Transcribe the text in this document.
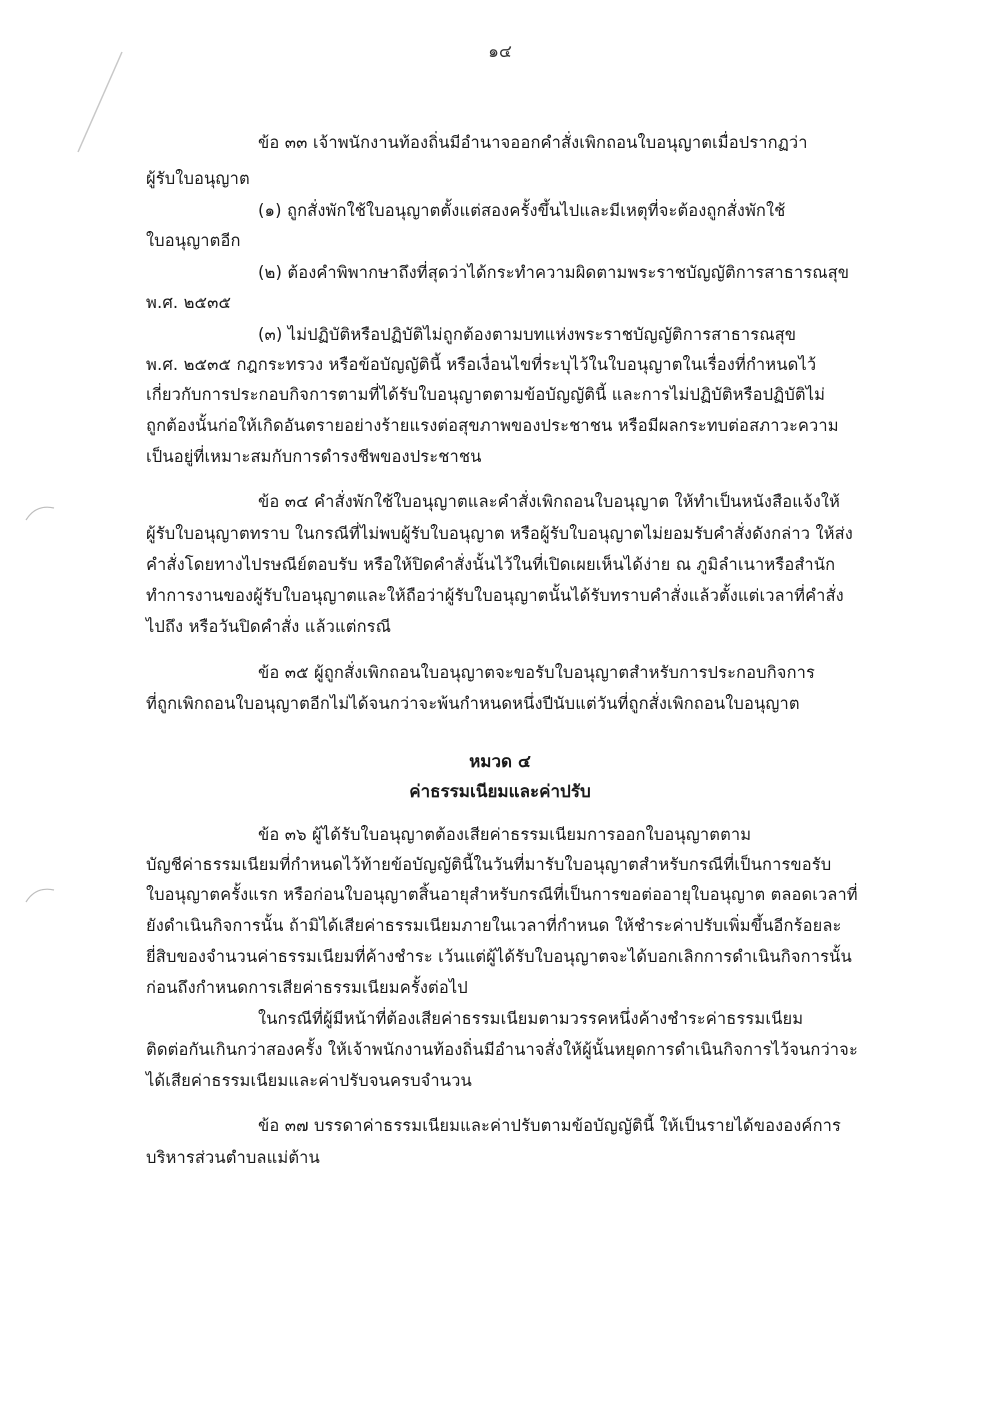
๑๔
ข้อ ๓๓ เจ้าพนักงานท้องถิ่นมีอำนาจออกคำสั่งเพิกถอนใบอนุญาตเมื่อปรากฏว่า
ผู้รับใบอนุญาต
(๑) ถูกสั่งพักใช้ใบอนุญาตตั้งแต่สองครั้งขึ้นไปและมีเหตุที่จะต้องถูกสั่งพักใช้
ใบอนุญาตอีก
(๒) ต้องคำพิพากษาถึงที่สุดว่าได้กระทำความผิดตามพระราชบัญญัติการสาธารณสุข
พ.ศ. ๒๕๓๕
(๓) ไม่ปฏิบัติหรือปฏิบัติไม่ถูกต้องตามบทแห่งพระราชบัญญัติการสาธารณสุข
พ.ศ. ๒๕๓๕ กฎกระทรวง หรือข้อบัญญัตินี้ หรือเงื่อนไขที่ระบุไว้ในใบอนุญาตในเรื่องที่กำหนดไว้
เกี่ยวกับการประกอบกิจการตามที่ได้รับใบอนุญาตตามข้อบัญญัตินี้ และการไม่ปฏิบัติหรือปฏิบัติไม่
ถูกต้องนั้นก่อให้เกิดอันตรายอย่างร้ายแรงต่อสุขภาพของประชาชน หรือมีผลกระทบต่อสภาวะความ
เป็นอยู่ที่เหมาะสมกับการดำรงชีพของประชาชน
ข้อ ๓๔ คำสั่งพักใช้ใบอนุญาตและคำสั่งเพิกถอนใบอนุญาต ให้ทำเป็นหนังสือแจ้งให้
ผู้รับใบอนุญาตทราบ ในกรณีที่ไม่พบผู้รับใบอนุญาต หรือผู้รับใบอนุญาตไม่ยอมรับคำสั่งดังกล่าว ให้ส่ง
คำสั่งโดยทางไปรษณีย์ตอบรับ หรือให้ปิดคำสั่งนั้นไว้ในที่เปิดเผยเห็นได้ง่าย ณ ภูมิลำเนาหรือสำนัก
ทำการงานของผู้รับใบอนุญาตและให้ถือว่าผู้รับใบอนุญาตนั้นได้รับทราบคำสั่งแล้วตั้งแต่เวลาที่คำสั่ง
ไปถึง หรือวันปิดคำสั่ง แล้วแต่กรณี
ข้อ ๓๕ ผู้ถูกสั่งเพิกถอนใบอนุญาตจะขอรับใบอนุญาตสำหรับการประกอบกิจการ
ที่ถูกเพิกถอนใบอนุญาตอีกไม่ได้จนกว่าจะพ้นกำหนดหนึ่งปีนับแต่วันที่ถูกสั่งเพิกถอนใบอนุญาต
หมวด ๔
ค่าธรรมเนียมและค่าปรับ
ข้อ ๓๖ ผู้ได้รับใบอนุญาตต้องเสียค่าธรรมเนียมการออกใบอนุญาตตาม
บัญชีค่าธรรมเนียมที่กำหนดไว้ท้ายข้อบัญญัตินี้ในวันที่มารับใบอนุญาตสำหรับกรณีที่เป็นการขอรับ
ใบอนุญาตครั้งแรก หรือก่อนใบอนุญาตสิ้นอายุสำหรับกรณีที่เป็นการขอต่ออายุใบอนุญาต ตลอดเวลาที่
ยังดำเนินกิจการนั้น ถ้ามิได้เสียค่าธรรมเนียมภายในเวลาที่กำหนด ให้ชำระค่าปรับเพิ่มขึ้นอีกร้อยละ
ยี่สิบของจำนวนค่าธรรมเนียมที่ค้างชำระ เว้นแต่ผู้ได้รับใบอนุญาตจะได้บอกเลิกการดำเนินกิจการนั้น
ก่อนถึงกำหนดการเสียค่าธรรมเนียมครั้งต่อไป
ในกรณีที่ผู้มีหน้าที่ต้องเสียค่าธรรมเนียมตามวรรคหนึ่งค้างชำระค่าธรรมเนียม
ติดต่อกันเกินกว่าสองครั้ง ให้เจ้าพนักงานท้องถิ่นมีอำนาจสั่งให้ผู้นั้นหยุดการดำเนินกิจการไว้จนกว่าจะ
ได้เสียค่าธรรมเนียมและค่าปรับจนครบจำนวน
ข้อ ๓๗ บรรดาค่าธรรมเนียมและค่าปรับตามข้อบัญญัตินี้ ให้เป็นรายได้ขององค์การ
บริหารส่วนตำบลแม่ต้าน
